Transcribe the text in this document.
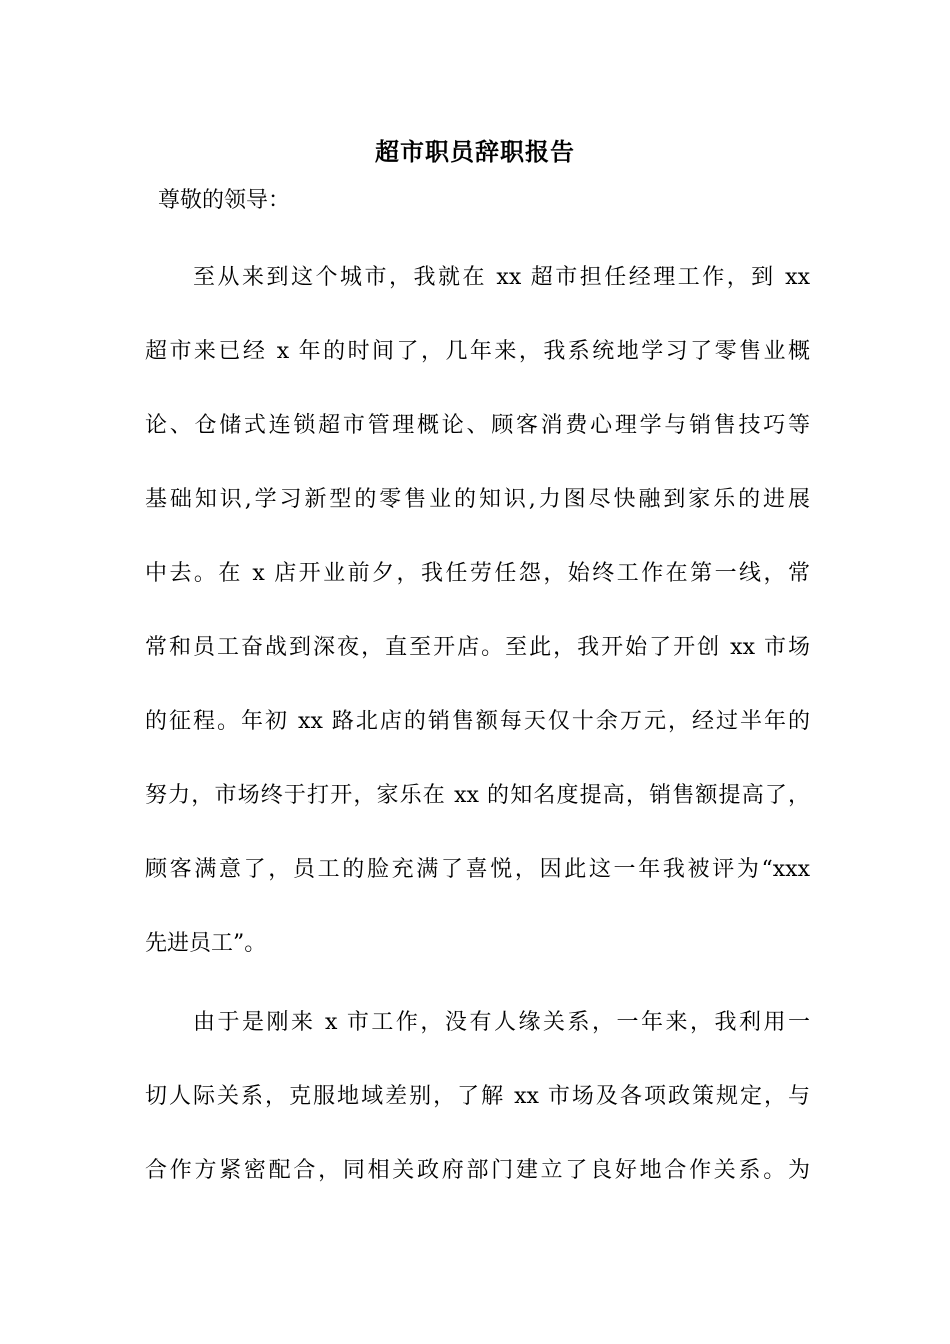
超市职员辞职报告
尊敬的领导：
至从来到这个城市，我就在 xx 超市担任经理工作，到 xx
超市来已经 x 年的时间了，几年来，我系统地学习了零售业概
论、仓储式连锁超市管理概论、顾客消费心理学与销售技巧等
基础知识,学习新型的零售业的知识,力图尽快融到家乐的进展
中去。在 x 店开业前夕，我任劳任怨，始终工作在第一线，常
常和员工奋战到深夜，直至开店。至此，我开始了开创 xx 市场
的征程。年初 xx 路北店的销售额每天仅十余万元，经过半年的
努力，市场终于打开，家乐在 xx 的知名度提高，销售额提高了，
顾客满意了，员工的脸充满了喜悦，因此这一年我被评为“xxx
先进员工”。
由于是刚来 x 市工作，没有人缘关系，一年来，我利用一
切人际关系，克服地域差别，了解 xx 市场及各项政策规定，与
合作方紧密配合，同相关政府部门建立了良好地合作关系。为
